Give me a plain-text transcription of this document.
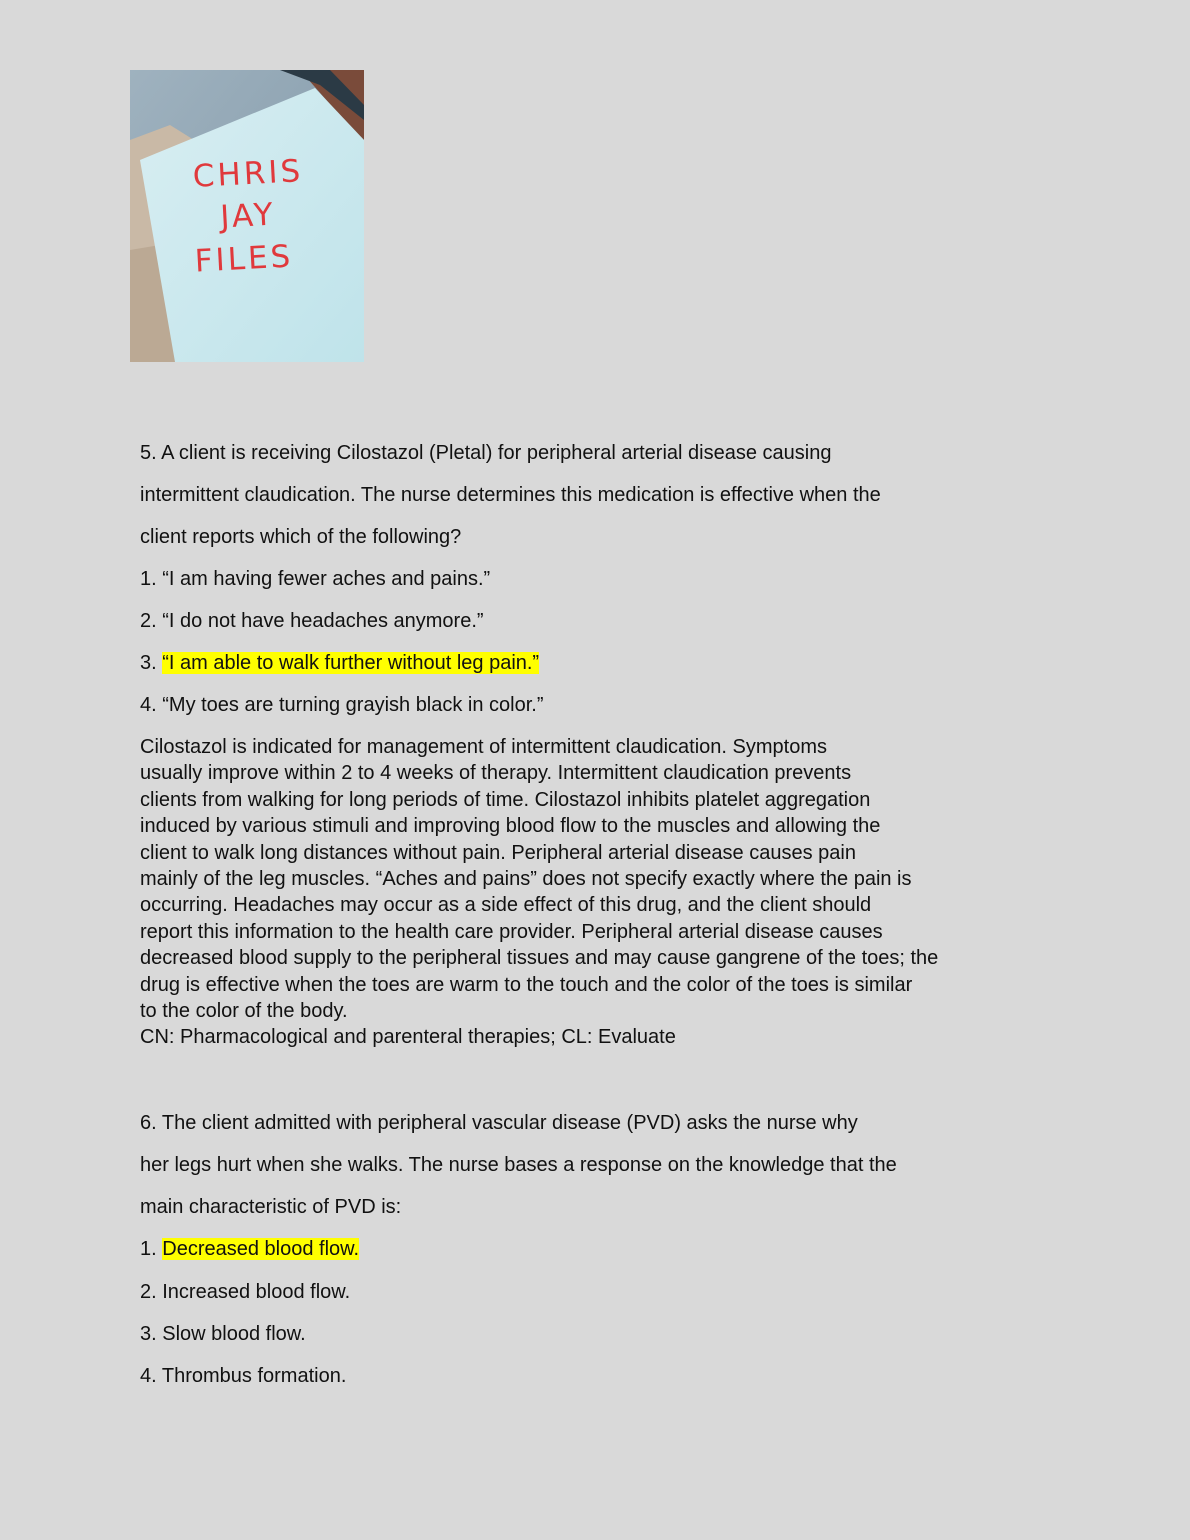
CHRIS
JAY
FILES
5. A client is receiving Cilostazol (Pletal) for peripheral arterial disease causing
intermittent claudication. The nurse determines this medication is effective when the
client reports which of the following?
1. “I am having fewer aches and pains.”
2. “I do not have headaches anymore.”
3. “I am able to walk further without leg pain.”
4. “My toes are turning grayish black in color.”
Cilostazol is indicated for management of intermittent claudication. Symptoms
usually improve within 2 to 4 weeks of therapy. Intermittent claudication prevents
clients from walking for long periods of time. Cilostazol inhibits platelet aggregation
induced by various stimuli and improving blood flow to the muscles and allowing the
client to walk long distances without pain. Peripheral arterial disease causes pain
mainly of the leg muscles. “Aches and pains” does not specify exactly where the pain is
occurring. Headaches may occur as a side effect of this drug, and the client should
report this information to the health care provider. Peripheral arterial disease causes
decreased blood supply to the peripheral tissues and may cause gangrene of the toes; the
drug is effective when the toes are warm to the touch and the color of the toes is similar
to the color of the body.
CN: Pharmacological and parenteral therapies; CL: Evaluate
6. The client admitted with peripheral vascular disease (PVD) asks the nurse why
her legs hurt when she walks. The nurse bases a response on the knowledge that the
main characteristic of PVD is:
1. Decreased blood flow.
2. Increased blood flow.
3. Slow blood flow.
4. Thrombus formation.
